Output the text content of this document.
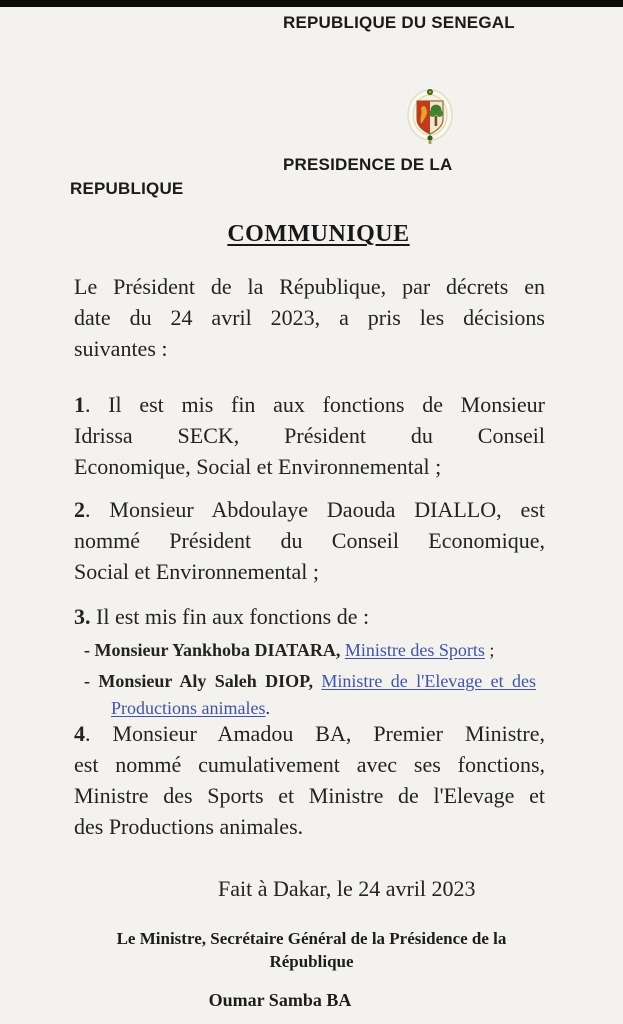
REPUBLIQUE DU SENEGAL
PRESIDENCE DE LA
REPUBLIQUE
COMMUNIQUE
Le Président de la République, par décrets en
date du 24 avril 2023, a pris les décisions
suivantes :
1. Il est mis fin aux fonctions de Monsieur
Idrissa SECK, Président du Conseil
Economique, Social et Environnemental ;
2. Monsieur Abdoulaye Daouda DIALLO, est
nommé Président du Conseil Economique,
Social et Environnemental ;
3. Il est mis fin aux fonctions de :
- Monsieur Yankhoba DIATARA, Ministre des Sports ;
- Monsieur Aly Saleh DIOP, Ministre de l'Elevage et des
Productions animales.
4. Monsieur Amadou BA, Premier Ministre,
est nommé cumulativement avec ses fonctions,
Ministre des Sports et Ministre de l'Elevage et
des Productions animales.
Fait à Dakar, le 24 avril 2023
Le Ministre, Secrétaire Général de la Présidence de la
République
Oumar Samba BA
